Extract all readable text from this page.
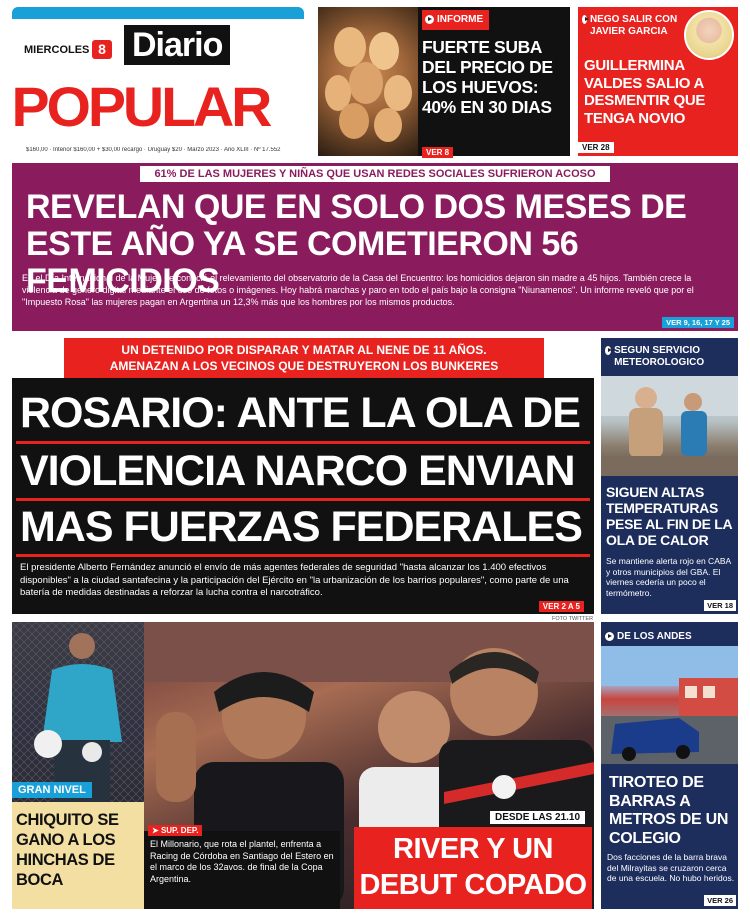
MIERCOLES 8 Diario
POPULAR
$160,00 · Interior $160,00 + $30,00 recargo · Uruguay $20 · Marzo 2023 · Año XLIII · Nº 17.552
INFORME
FUERTE SUBA DEL PRECIO DE LOS HUEVOS: 40% EN 30 DIAS
VER 8
NEGO SALIR CON JAVIER GARCIA
GUILLERMINA VALDES SALIO A DESMENTIR QUE TENGA NOVIO
VER 28
61% DE LAS MUJERES Y NIÑAS QUE USAN REDES SOCIALES SUFRIERON ACOSO
REVELAN QUE EN SOLO DOS MESES DE ESTE AÑO YA SE COMETIERON 56 FEMICIDIOS
En el Día Internacional de la Mujer, se conoció el relevamiento del observatorio de la Casa del Encuentro: los homicidios dejaron sin madre a 45 hijos. También crece la violencia de género digital mediante el uso de fotos o imágenes. Hoy habrá marchas y paro en todo el país bajo la consigna "Niunamenos". Un informe reveló que por el "Impuesto Rosa" las mujeres pagan en Argentina un 12,3% más que los hombres por los mismos productos.
VER 9, 16, 17 Y 25
UN DETENIDO POR DISPARAR Y MATAR AL NENE DE 11 AÑOS.
AMENAZAN A LOS VECINOS QUE DESTRUYERON LOS BUNKERES
ROSARIO: ANTE LA OLA DE
VIOLENCIA NARCO ENVIAN
MAS FUERZAS FEDERALES
El presidente Alberto Fernández anunció el envío de más agentes federales de seguridad "hasta alcanzar los 1.400 efectivos disponibles" a la ciudad santafecina y la participación del Ejército en "la urbanización de los barrios populares", como parte de una batería de medidas destinadas a reforzar la lucha contra el narcotráfico.
VER 2 A 5
SEGUN SERVICIO METEOROLOGICO
SIGUEN ALTAS TEMPERATURAS PESE AL FIN DE LA OLA DE CALOR
Se mantiene alerta rojo en CABA y otros municipios del GBA. El viernes cedería un poco el termómetro.
VER 18
FOTO TWITTER
GRAN NIVEL
CHIQUITO SE GANO A LOS HINCHAS DE BOCA
➤ SUP. DEP.
El Millonario, que rota el plantel, enfrenta a Racing de Córdoba en Santiago del Estero en el marco de los 32avos. de final de la Copa Argentina.
DESDE LAS 21.10
RIVER Y UN
DEBUT COPADO
DE LOS ANDES
TIROTEO DE BARRAS A METROS DE UN COLEGIO
Dos facciones de la barra brava del Milrayitas se cruzaron cerca de una escuela. No hubo heridos.
VER 26
